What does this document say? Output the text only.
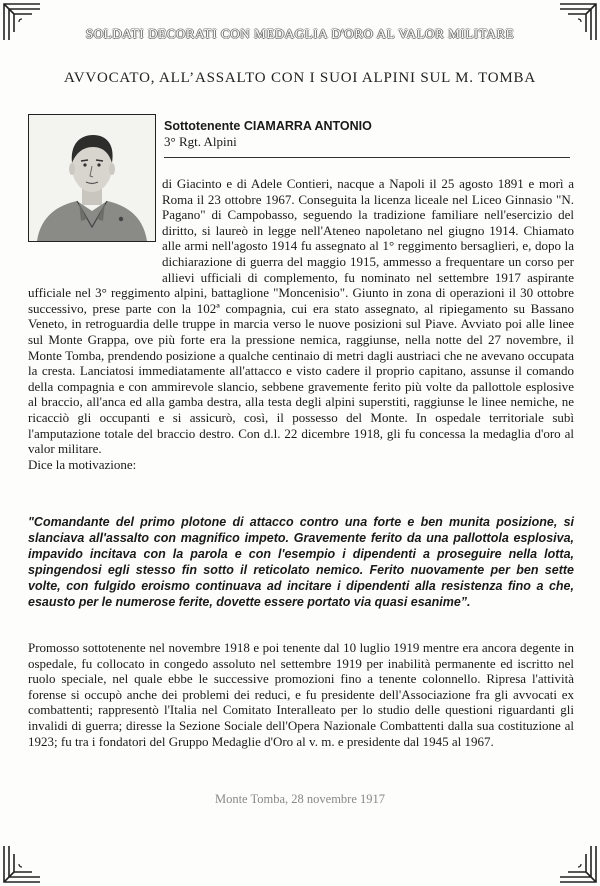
SOLDATI DECORATI CON MEDAGLIA D'ORO AL VALOR MILITARE
AVVOCATO, ALL’ASSALTO CON I SUOI ALPINI SUL M. TOMBA
Sottotenente CIAMARRA ANTONIO
3° Rgt. Alpini

di Giacinto e di Adele Contieri, nacque a Napoli il 25 agosto 1891 e morì a Roma il 23 ottobre 1967. Conseguita la licenza liceale nel Liceo Ginnasio "N. Pagano" di Campobasso, seguendo la tradizione familiare nell'esercizio del diritto, si laureò in legge nell'Ateneo napoletano nel giugno 1914. Chiamato alle armi nell'agosto 1914 fu assegnato al 1° reggimento bersaglieri, e, dopo la dichiarazione di guerra del maggio 1915, ammesso a frequentare un corso per allievi ufficiali di complemento, fu nominato nel settembre 1917 aspirante ufficiale nel 3° reggimento alpini, battaglione "Moncenisio". Giunto in zona di operazioni il 30 ottobre successivo, prese parte con la 102ª compagnia, cui era stato assegnato, al ripiegamento su Bassano Veneto, in retroguardia delle truppe in marcia verso le nuove posizioni sul Piave. Avviato poi alle linee sul Monte Grappa, ove più forte era la pressione nemica, raggiunse, nella notte del 27 novembre, il Monte Tomba, prendendo posizione a qualche centinaio di metri dagli austriaci che ne avevano occupata la cresta. Lanciatosi immediatamente all'attacco e visto cadere il proprio capitano, assunse il comando della compagnia e con ammirevole slancio, sebbene gravemente ferito più volte da pallottole esplosive al braccio, all'anca ed alla gamba destra, alla testa degli alpini superstiti, raggiunse le linee nemiche, ne ricacciò gli occupanti e si assicurò, così, il possesso del Monte. In ospedale territoriale subì l'amputazione totale del braccio destro. Con d.l. 22 dicembre 1918, gli fu concessa la medaglia d'oro al valor militare.

Dice la motivazione:

"Comandante del primo plotone di attacco contro una forte e ben munita posizione, si slanciava all'assalto con magnifico impeto. Gravemente ferito da una pallottola esplosiva, impavido incitava con la parola e con l'esempio i dipendenti a proseguire nella lotta, spingendosi egli stesso fin sotto il reticolato nemico. Ferito nuovamente per ben sette volte, con fulgido eroismo continuava ad incitare i dipendenti alla resistenza fino a che, esausto per le numerose ferite, dovette essere portato via quasi esanime”.
Promosso sottotenente nel novembre 1918 e poi tenente dal 10 luglio 1919 mentre era ancora degente in ospedale, fu collocato in congedo assoluto nel settembre 1919 per inabilità permanente ed iscritto nel ruolo speciale, nel quale ebbe le successive promozioni fino a tenente colonnello. Ripresa l'attività forense si occupò anche dei problemi dei reduci, e fu presidente dell'Associazione fra gli avvocati ex combattenti; rappresentò l'Italia nel Comitato Interalleato per lo studio delle questioni riguardanti gli invalidi di guerra; diresse la Sezione Sociale dell'Opera Nazionale Combattenti dalla sua costituzione al 1923; fu tra i fondatori del Gruppo Medaglie d'Oro al v. m. e presidente dal 1945 al 1967.
Monte Tomba, 28 novembre 1917
